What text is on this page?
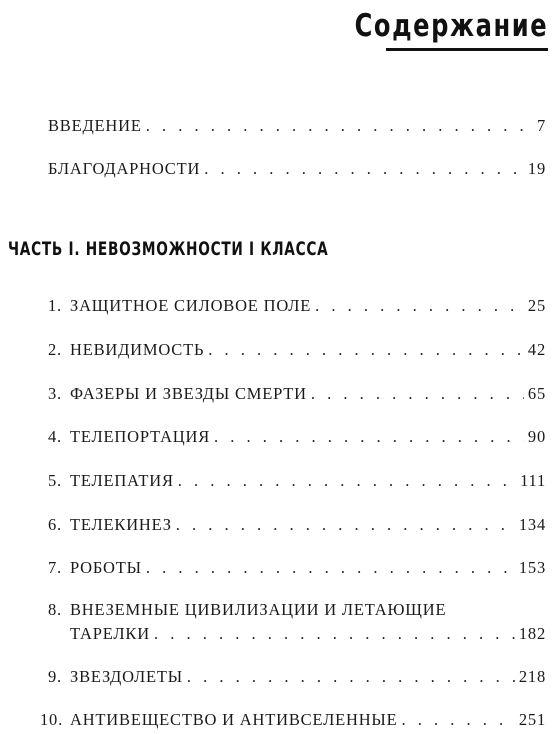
Содержание
ВВЕДЕНИЕ . . .	7
БЛАГОДАРНОСТИ . . .	19
ЧАСТЬ I. НЕВОЗМОЖНОСТИ I КЛАССА
1. ЗАЩИТНОЕ СИЛОВОЕ ПОЛЕ . . .	25
2. НЕВИДИМОСТЬ . . .	42
3. ФАЗЕРЫ И ЗВЕЗДЫ СМЕРТИ . . .	65
4. ТЕЛЕПОРТАЦИЯ . . .	90
5. ТЕЛЕПАТИЯ . . .	111
6. ТЕЛЕКИНЕЗ . . .	134
7. РОБОТЫ . . .	153
8. ВНЕЗЕМНЫЕ ЦИВИЛИЗАЦИИ И ЛЕТАЮЩИЕ
ТАРЕЛКИ . . .	182
9. ЗВЕЗДОЛЕТЫ . . .	218
10. АНТИВЕЩЕСТВО И АНТИВСЕЛЕННЫЕ . . .	251
